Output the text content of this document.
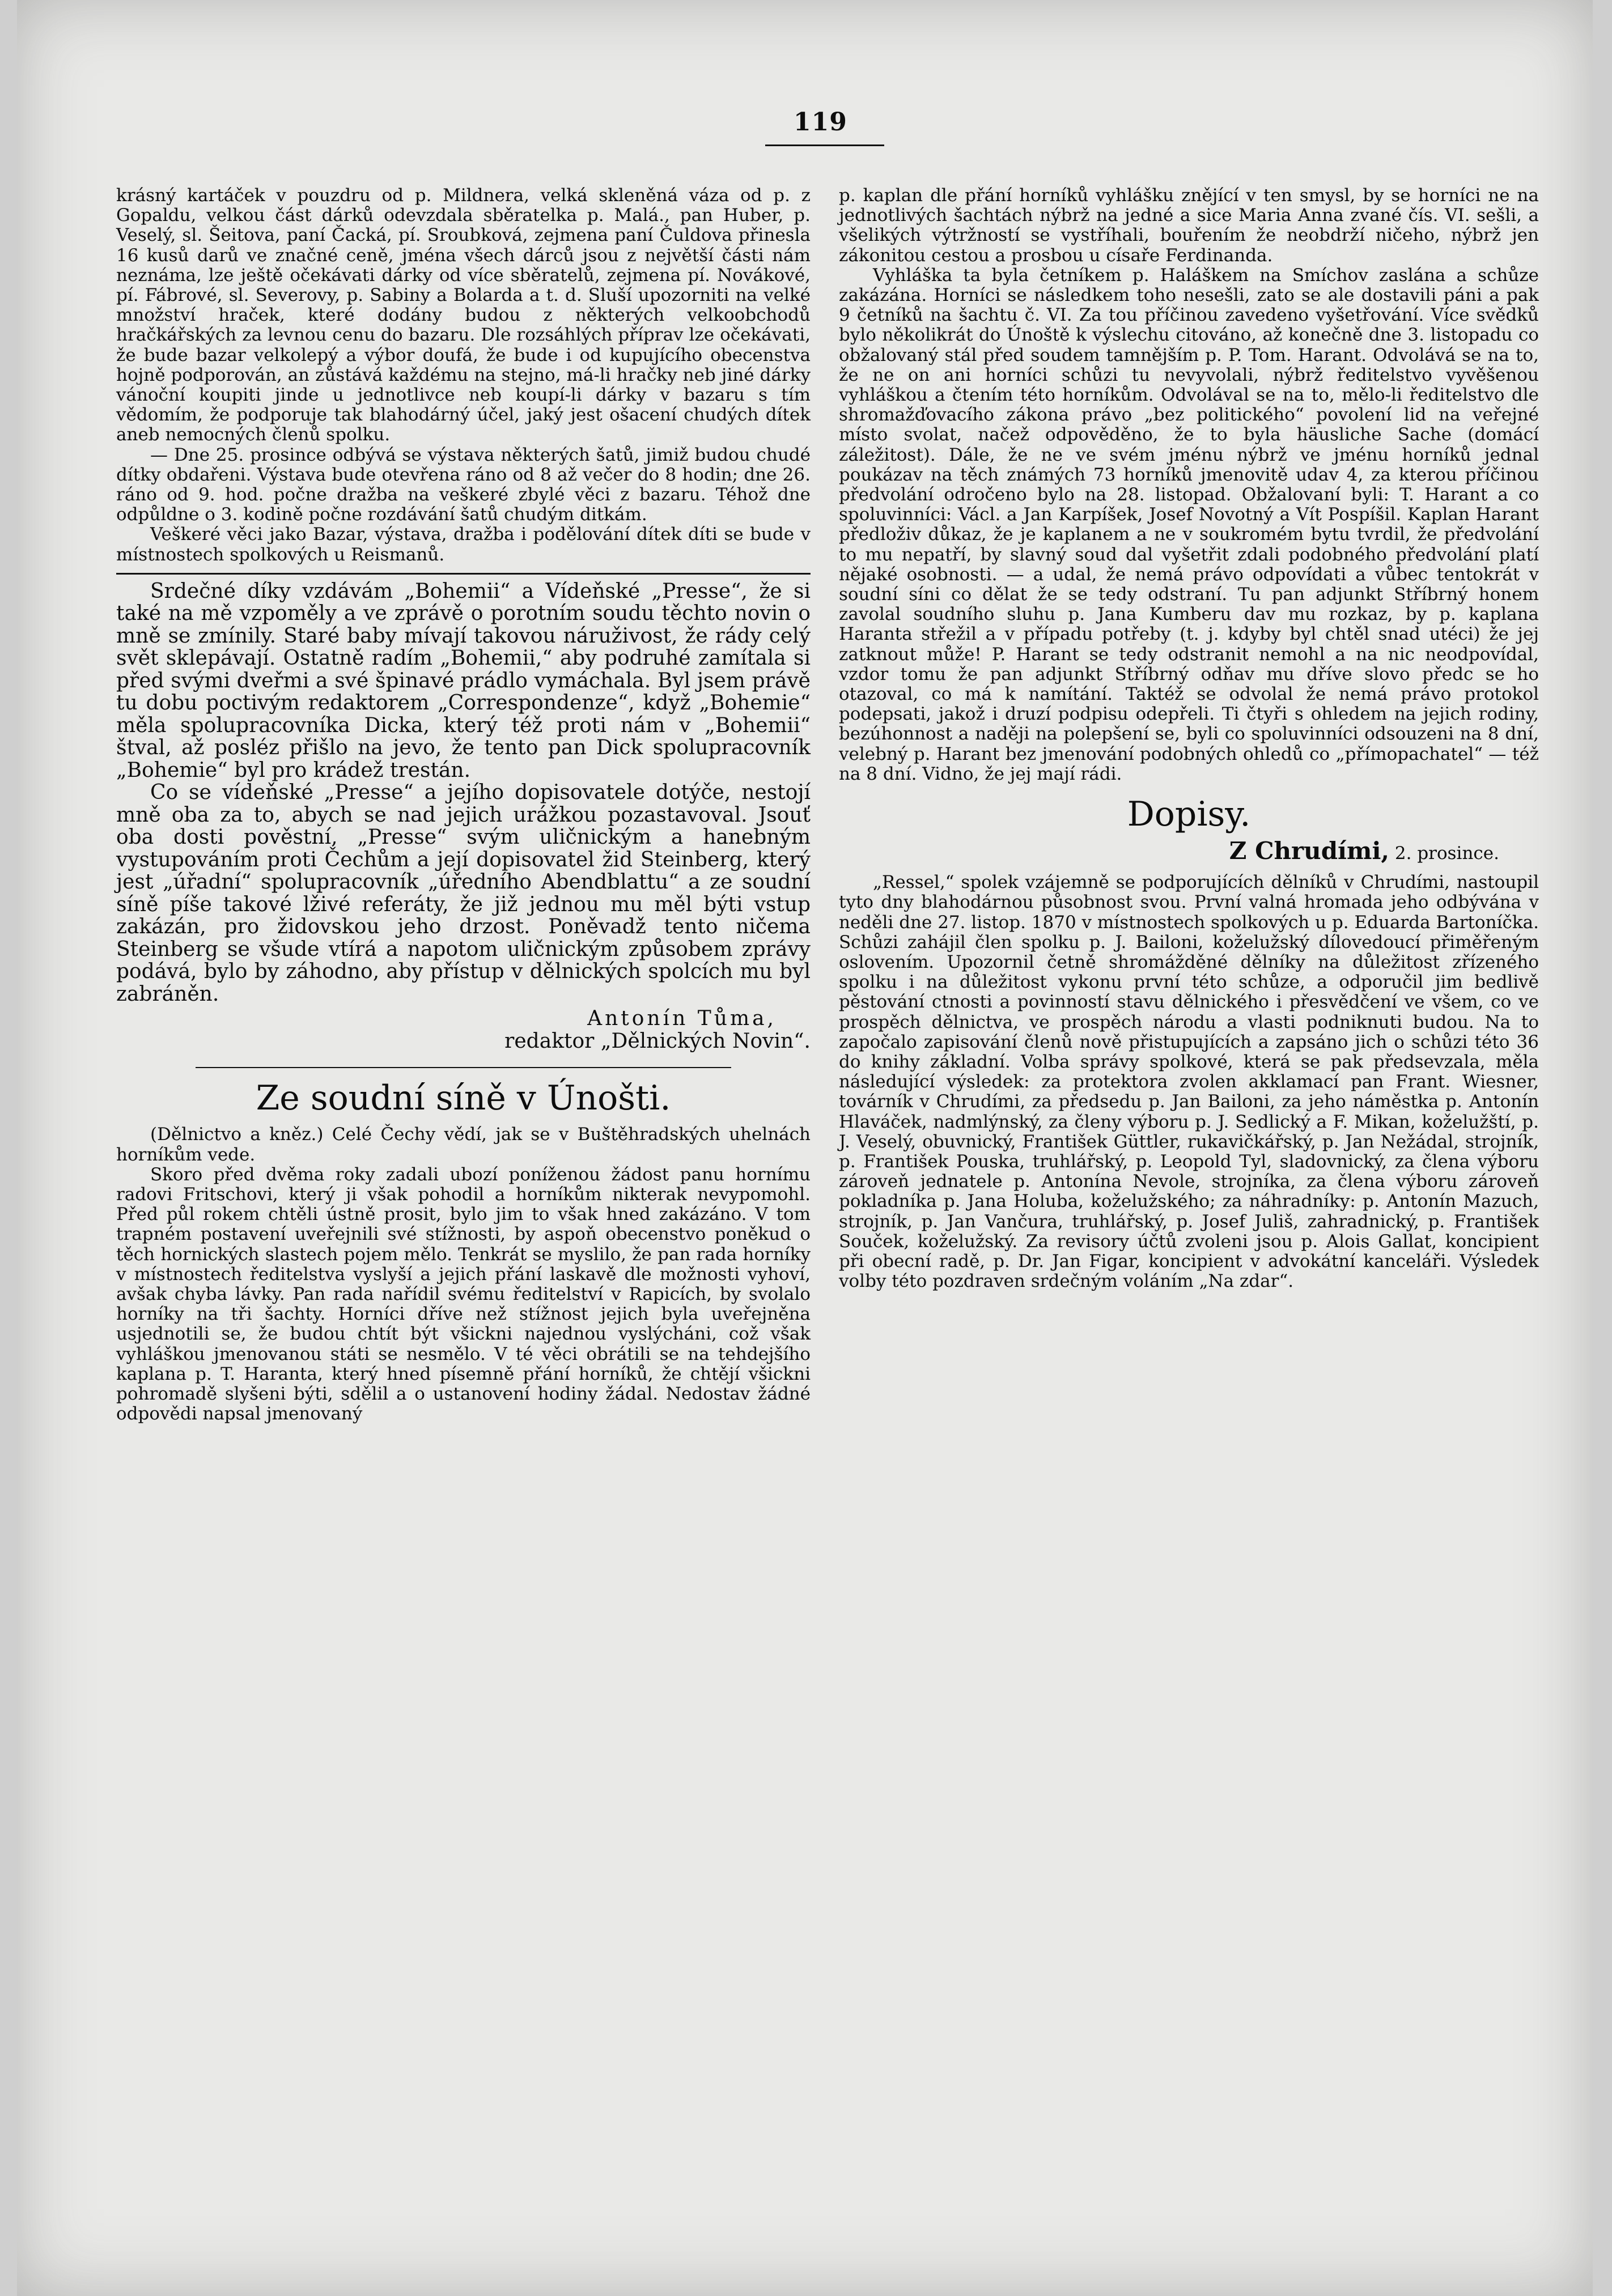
119

krásný kartáček v pouzdru od p. Mildnera, velká skleněná váza od p. z Gopaldu, velkou část dárků odevzdala sběratelka p. Malá., pan Huber, p. Veselý, sl. Šeitova, paní Čacká, pí. Sroubková, zejmena paní Čuldova přinesla 16 kusů darů ve značné ceně, jména všech dárců jsou z největší části nám neznáma, lze ještě očekávati dárky od více sběratelů, zejmena pí. Novákové, pí. Fábrové, sl. Severovy, p. Sabiny a Bolarda a t. d. Sluší upozorniti na velké množství hraček, které dodány budou z některých velkoobchodů hračkářských za levnou cenu do bazaru. Dle rozsáhlých příprav lze očekávati, že bude bazar velkolepý a výbor doufá, že bude i od kupujícího obecenstva hojně podporován, an zůstává každému na stejno, má-li hračky neb jiné dárky vánoční koupiti jinde u jednotlivce neb koupí-li dárky v bazaru s tím vědomím, že podporuje tak blahodárný účel, jaký jest ošacení chudých dítek aneb nemocných členů spolku.

— Dne 25. prosince odbývá se výstava některých šatů, jimiž budou chudé dítky obdařeni. Výstava bude otevřena ráno od 8 až večer do 8 hodin; dne 26. ráno od 9. hod. počne dražba na veškeré zbylé věci z bazaru. Téhož dne odpůldne o 3. kodině počne rozdávání šatů chudým ditkám.

Veškeré věci jako Bazar, výstava, dražba i podělování dítek díti se bude v místnostech spolkových u Reismanů.

Srdečné díky vzdávám „Bohemii“ a Vídeňské „Presse“, že si také na mě vzpoměly a ve zprávě o porotním soudu těchto novin o mně se zmínily. Staré baby mívají takovou náruživost, že rády celý svět sklepávají. Ostatně radím „Bohemii,“ aby podruhé zamítala si před svými dveřmi a své špinavé prádlo vymáchala. Byl jsem právě tu dobu poctivým redaktorem „Correspondenze“, když „Bohemie“ měla spolupracovníka Dicka, který též proti nám v „Bohemii“ štval, až posléz přišlo na jevo, že tento pan Dick spolupracovník „Bohemie“ byl pro krádež trestán.

Co se vídeňské „Presse“ a jejího dopisovatele dotýče, nestojí mně oba za to, abych se nad jejich urážkou pozastavoval. Jsouť oba dosti pověstní, „Presse“ svým uličnickým a hanebným vystupováním proti Čechům a její dopisovatel žid Steinberg, který jest „úřadní“ spolupracovník „úředního Abendblattu“ a ze soudní síně píše takové lživé referáty, že již jednou mu měl býti vstup zakázán, pro židovskou jeho drzost. Poněvadž tento ničema Steinberg se všude vtírá a napotom uličnickým způsobem zprávy podává, bylo by záhodno, aby přístup v dělnických spolcích mu byl zabráněn.

Antonín Tůma,
redaktor „Dělnických Novin“.
Ze soudní síně v Únošti.

(Dělnictvo a kněz.) Celé Čechy vědí, jak se v Buštěhradských uhelnách horníkům vede.

Skoro před dvěma roky zadali ubozí poníženou žádost panu hornímu radovi Fritschovi, který ji však pohodil a horníkům nikterak nevypomohl. Před půl rokem chtěli ústně prosit, bylo jim to však hned zakázáno. V tom trapném postavení uveřejnili své stížnosti, by aspoň obecenstvo poněkud o těch hornických slastech pojem mělo. Tenkrát se myslilo, že pan rada horníky v místnostech ředitelstva vyslyší a jejich přání laskavě dle možnosti vyhoví, avšak chyba lávky. Pan rada nařídil svému ředitelství v Rapicích, by svolalo horníky na tři šachty. Horníci dříve než stížnost jejich byla uveřejněna usjednotili se, že budou chtít být všickni najednou vyslýcháni, což však vyhláškou jmenovanou státi se nesmělo. V té věci obrátili se na tehdejšího kaplana p. T. Haranta, který hned písemně přání horníků, že chtějí všickni pohromadě slyšeni býti, sdělil a o ustanovení hodiny žádal. Nedostav žádné odpovědi napsal jmenovaný

p. kaplan dle přání horníků vyhlášku znějící v ten smysl, by se horníci ne na jednotlivých šachtách nýbrž na jedné a sice Maria Anna zvané čís. VI. sešli, a všelikých výtržností se vystříhali, bouřením že neobdrží ničeho, nýbrž jen zákonitou cestou a prosbou u císaře Ferdinanda.

Vyhláška ta byla četníkem p. Haláškem na Smíchov zaslána a schůze zakázána. Horníci se následkem toho nesešli, zato se ale dostavili páni a pak 9 četníků na šachtu č. VI. Za tou příčinou zavedeno vyšetřování. Více svědků bylo několikrát do Únoště k výslechu citováno, až konečně dne 3. listopadu co obžalovaný stál před soudem tamnějším p. P. Tom. Harant. Odvolává se na to, že ne on ani horníci schůzi tu nevyvolali, nýbrž ředitelstvo vyvěšenou vyhláškou a čtením této horníkům. Odvolával se na to, mělo-li ředitelstvo dle shromažďovacího zákona právo „bez politického“ povolení lid na veřejné místo svolat, načež odpověděno, že to byla häusliche Sache (domácí záležitost). Dále, že ne ve svém jménu nýbrž ve jménu horníků jednal poukázav na těch známých 73 horníků jmenovitě udav 4, za kterou příčinou předvolání odročeno bylo na 28. listopad. Obžalovaní byli: T. Harant a co spoluvinníci: Václ. a Jan Karpíšek, Josef Novotný a Vít Pospíšil. Kaplan Harant předloživ důkaz, že je kaplanem a ne v soukromém bytu tvrdil, že předvolání to mu nepatří, by slavný soud dal vyšetřit zdali podobného předvolání platí nějaké osobnosti. — a udal, že nemá právo odpovídati a vůbec tentokrát v soudní síni co dělat že se tedy odstraní. Tu pan adjunkt Stříbrný honem zavolal soudního sluhu p. Jana Kumberu dav mu rozkaz, by p. kaplana Haranta střežil a v případu potřeby (t. j. kdyby byl chtěl snad utéci) že jej zatknout může! P. Harant se tedy odstranit nemohl a na nic neodpovídal, vzdor tomu že pan adjunkt Stříbrný odňav mu dříve slovo předc se ho otazoval, co má k namítání. Taktéž se odvolal že nemá právo protokol podepsati, jakož i druzí podpisu odepřeli. Ti čtyři s ohledem na jejich rodiny, bezúhonnost a naději na polepšení se, byli co spoluvinníci odsouzeni na 8 dní, velebný p. Harant bez jmenování podobných ohledů co „přímopachatel“ — též na 8 dní. Vidno, že jej mají rádi.

Dopisy.
Z Chrudími, 2. prosince.

„Ressel,“ spolek vzájemně se podporujících dělníků v Chrudími, nastoupil tyto dny blahodárnou působnost svou. První valná hromada jeho odbývána v neděli dne 27. listop. 1870 v místnostech spolkových u p. Eduarda Bartoníčka. Schůzi zahájil člen spolku p. J. Bailoni, koželužský dílovedoucí přiměřeným oslovením. Upozornil četně shromážděné dělníky na důležitost zřízeného spolku i na důležitost vykonu první této schůze, a odporučil jim bedlivě pěstování ctnosti a povinností stavu dělnického i přesvědčení ve všem, co ve prospěch dělnictva, ve prospěch národu a vlasti podniknuti budou. Na to započalo zapisování členů nově přistupujících a zapsáno jich o schůzi této 36 do knihy základní. Volba správy spolkové, která se pak předsevzala, měla následující výsledek: za protektora zvolen akklamací pan Frant. Wiesner, továrník v Chrudími, za předsedu p. Jan Bailoni, za jeho náměstka p. Antonín Hlaváček, nadmlýnský, za členy výboru p. J. Sedlický a F. Mikan, koželužští, p. J. Veselý, obuvnický, František Güttler, rukavičkářský, p. Jan Nežádal, strojník, p. František Pouska, truhlářský, p. Leopold Tyl, sladovnický, za člena výboru zároveň jednatele p. Antonína Nevole, strojníka, za člena výboru zároveň pokladníka p. Jana Holuba, koželužského; za náhradníky: p. Antonín Mazuch, strojník, p. Jan Vančura, truhlářský, p. Josef Juliš, zahradnický, p. František Souček, koželužský. Za revisory účtů zvoleni jsou p. Alois Gallat, koncipient při obecní radě, p. Dr. Jan Figar, koncipient v advokátní kanceláři. Výsledek volby této pozdraven srdečným voláním „Na zdar“.
